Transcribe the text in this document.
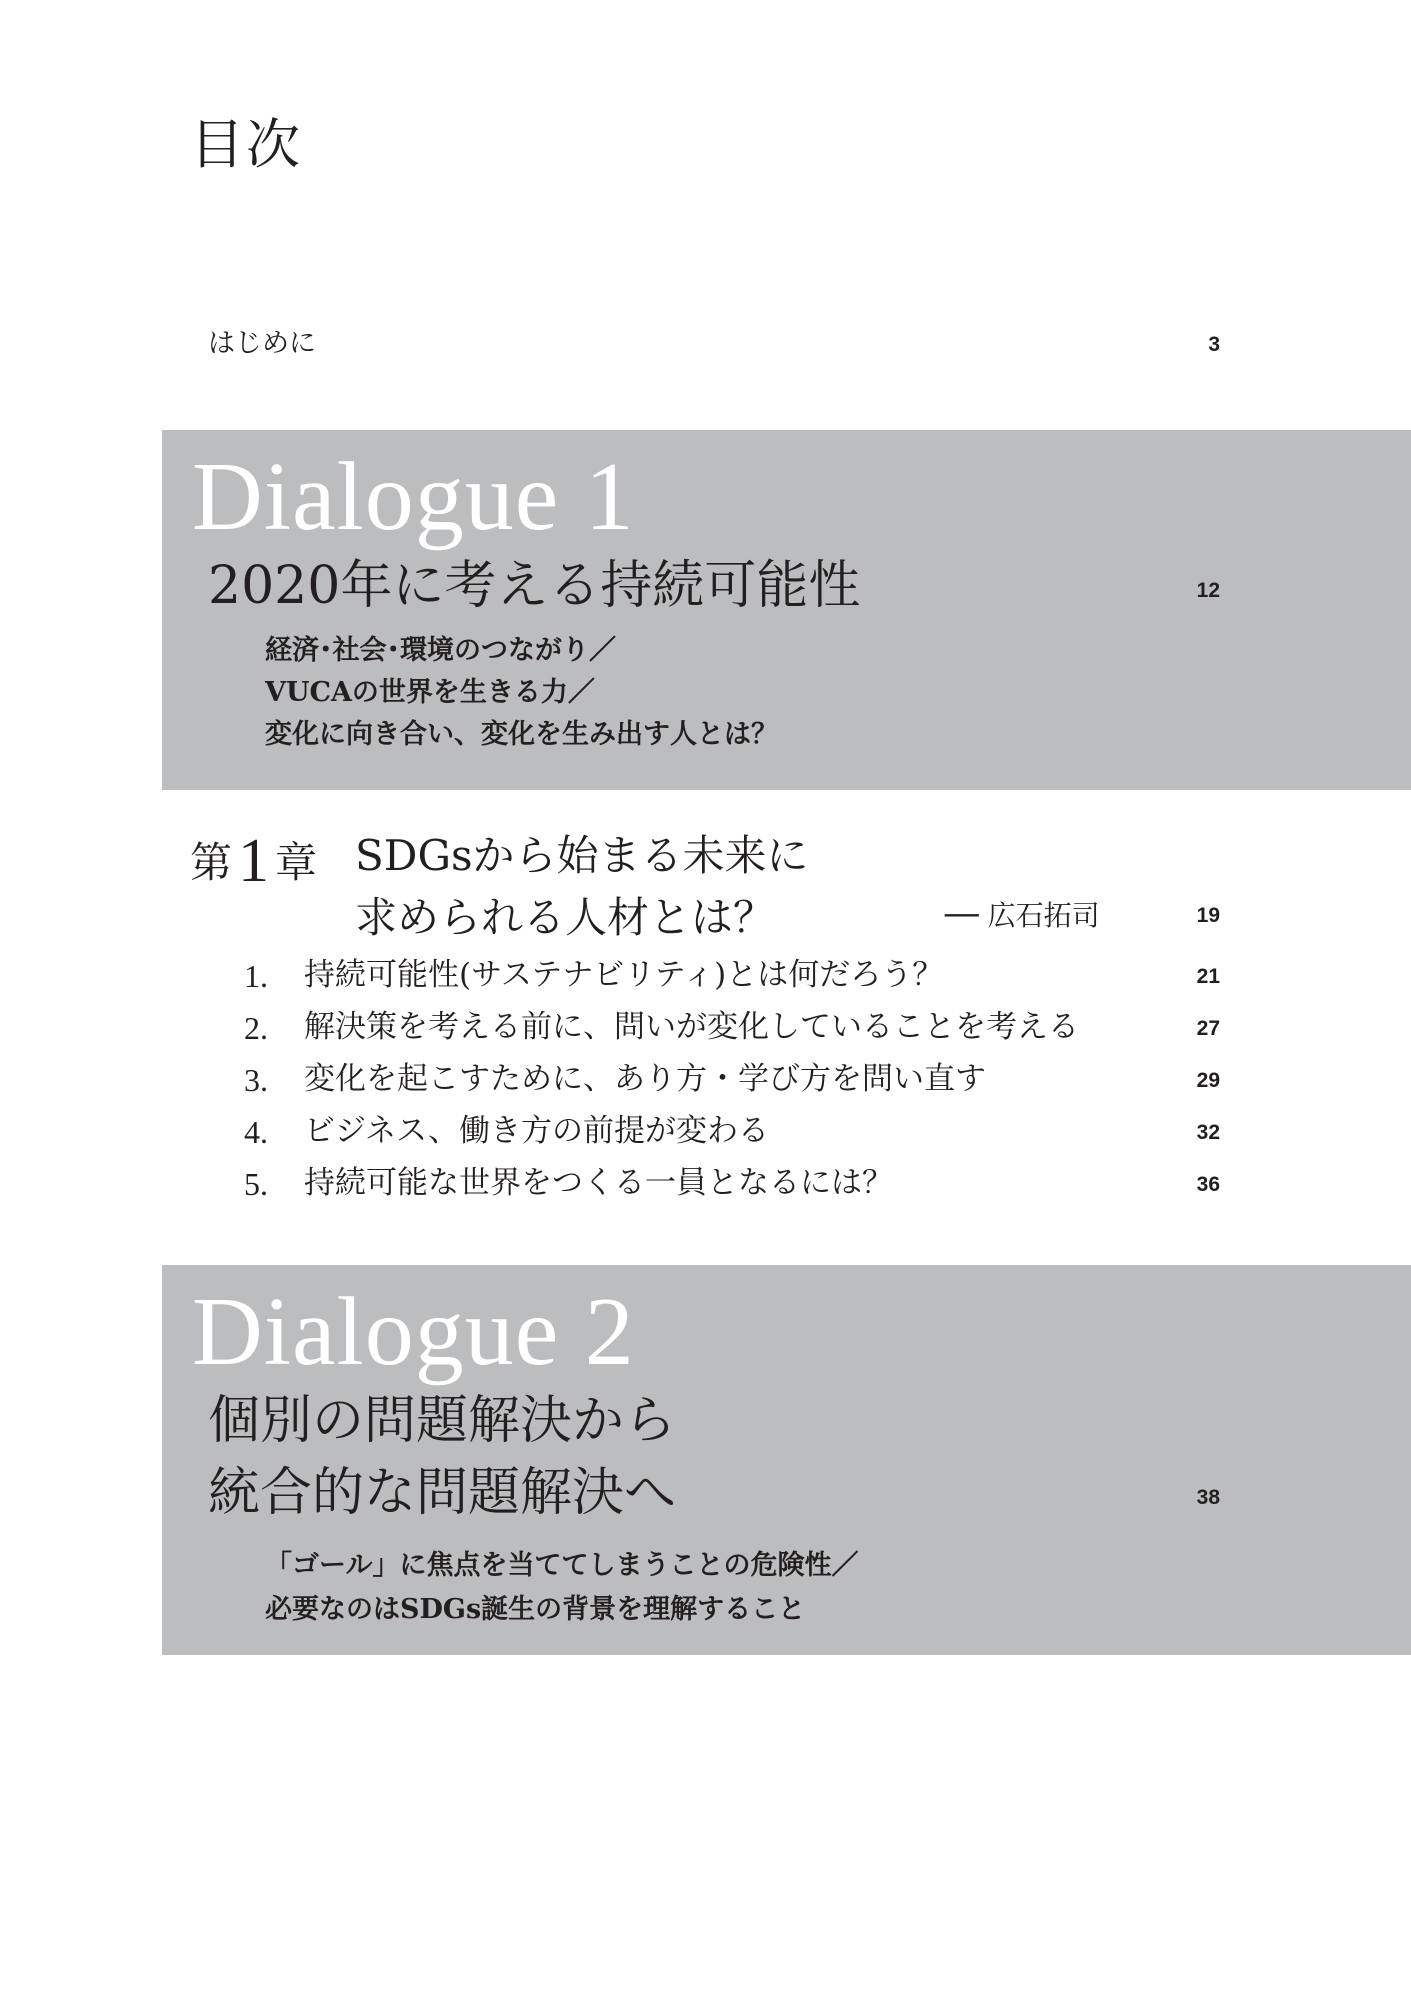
目次
はじめに	3
Dialogue 1
2020年に考える持続可能性	12
経済･社会･環境のつながり／
VUCAの世界を生きる力／
変化に向き合い、変化を生み出す人とは？
第1 章 SDGsから始まる未来に
求められる人材とは？	── 広石拓司	19
1. 持続可能性(サステナビリティ)とは何だろう？	21
2. 解決策を考える前に、問いが変化していることを考える	27
3. 変化を起こすために、あり方・学び方を問い直す	29
4. ビジネス、働き方の前提が変わる	32
5. 持続可能な世界をつくる一員となるには？	36
Dialogue 2
個別の問題解決から
統合的な問題解決へ	38
「ゴール」に焦点を当ててしまうことの危険性／
必要なのはSDGs誕生の背景を理解すること
